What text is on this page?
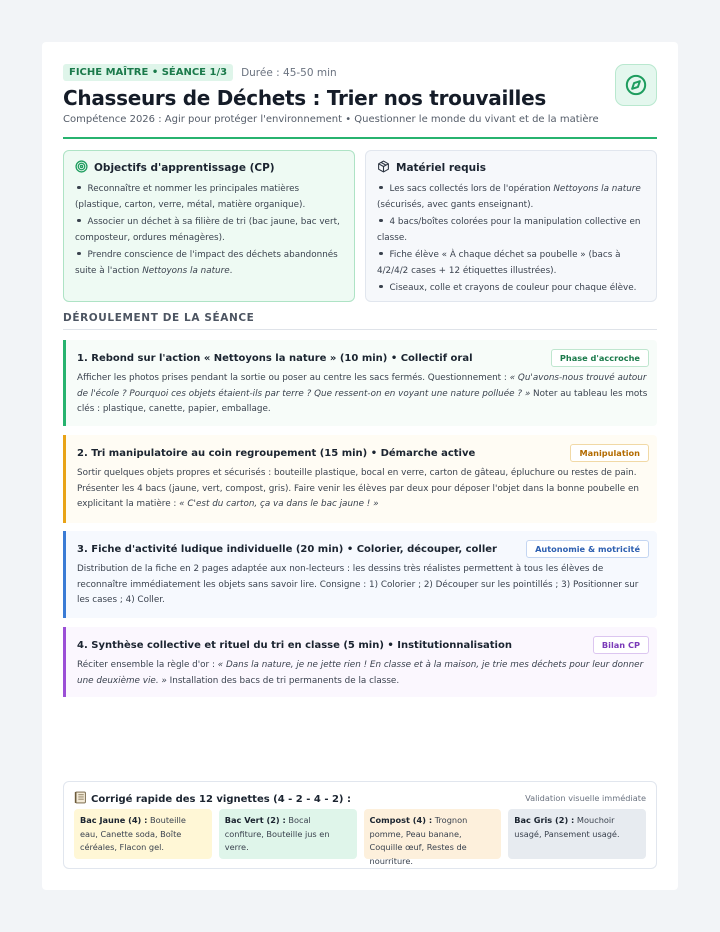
FICHE MAÎTRE • SÉANCE 1/3	Durée : 45-50 min
Chasseurs de Déchets : Trier nos trouvailles
Compétence 2026 : Agir pour protéger l'environnement • Questionner le monde du vivant et de la matière
Objectifs d'apprentissage (CP)
Reconnaître et nommer les principales matières (plastique, carton, verre, métal, matière organique).
Associer un déchet à sa filière de tri (bac jaune, bac vert, composteur, ordures ménagères).
Prendre conscience de l'impact des déchets abandonnés suite à l'action Nettoyons la nature.
Matériel requis
Les sacs collectés lors de l'opération Nettoyons la nature (sécurisés, avec gants enseignant).
4 bacs/boîtes colorées pour la manipulation collective en classe.
Fiche élève « À chaque déchet sa poubelle » (bacs à 4/2/4/2 cases + 12 étiquettes illustrées).
Ciseaux, colle et crayons de couleur pour chaque élève.
DÉROULEMENT DE LA SÉANCE
1. Rebond sur l'action « Nettoyons la nature » (10 min) • Collectif oral	Phase d'accroche
Afficher les photos prises pendant la sortie ou poser au centre les sacs fermés. Questionnement : « Qu'avons-nous trouvé autour de l'école ? Pourquoi ces objets étaient-ils par terre ? Que ressent-on en voyant une nature polluée ? » Noter au tableau les mots clés : plastique, canette, papier, emballage.
2. Tri manipulatoire au coin regroupement (15 min) • Démarche active	Manipulation
Sortir quelques objets propres et sécurisés : bouteille plastique, bocal en verre, carton de gâteau, épluchure ou restes de pain. Présenter les 4 bacs (jaune, vert, compost, gris). Faire venir les élèves par deux pour déposer l'objet dans la bonne poubelle en explicitant la matière : « C'est du carton, ça va dans le bac jaune ! »
3. Fiche d'activité ludique individuelle (20 min) • Colorier, découper, coller	Autonomie & motricité
Distribution de la fiche en 2 pages adaptée aux non-lecteurs : les dessins très réalistes permettent à tous les élèves de reconnaître immédiatement les objets sans savoir lire. Consigne : 1) Colorier ; 2) Découper sur les pointillés ; 3) Positionner sur les cases ; 4) Coller.
4. Synthèse collective et rituel du tri en classe (5 min) • Institutionnalisation	Bilan CP
Réciter ensemble la règle d'or : « Dans la nature, je ne jette rien ! En classe et à la maison, je trie mes déchets pour leur donner une deuxième vie. » Installation des bacs de tri permanents de la classe.
Corrigé rapide des 12 vignettes (4 - 2 - 4 - 2) :	Validation visuelle immédiate
Bac Jaune (4) : Bouteille eau, Canette soda, Boîte céréales, Flacon gel.
Bac Vert (2) : Bocal confiture, Bouteille jus en verre.
Compost (4) : Trognon pomme, Peau banane, Coquille œuf, Restes de nourriture.
Bac Gris (2) : Mouchoir usagé, Pansement usagé.
